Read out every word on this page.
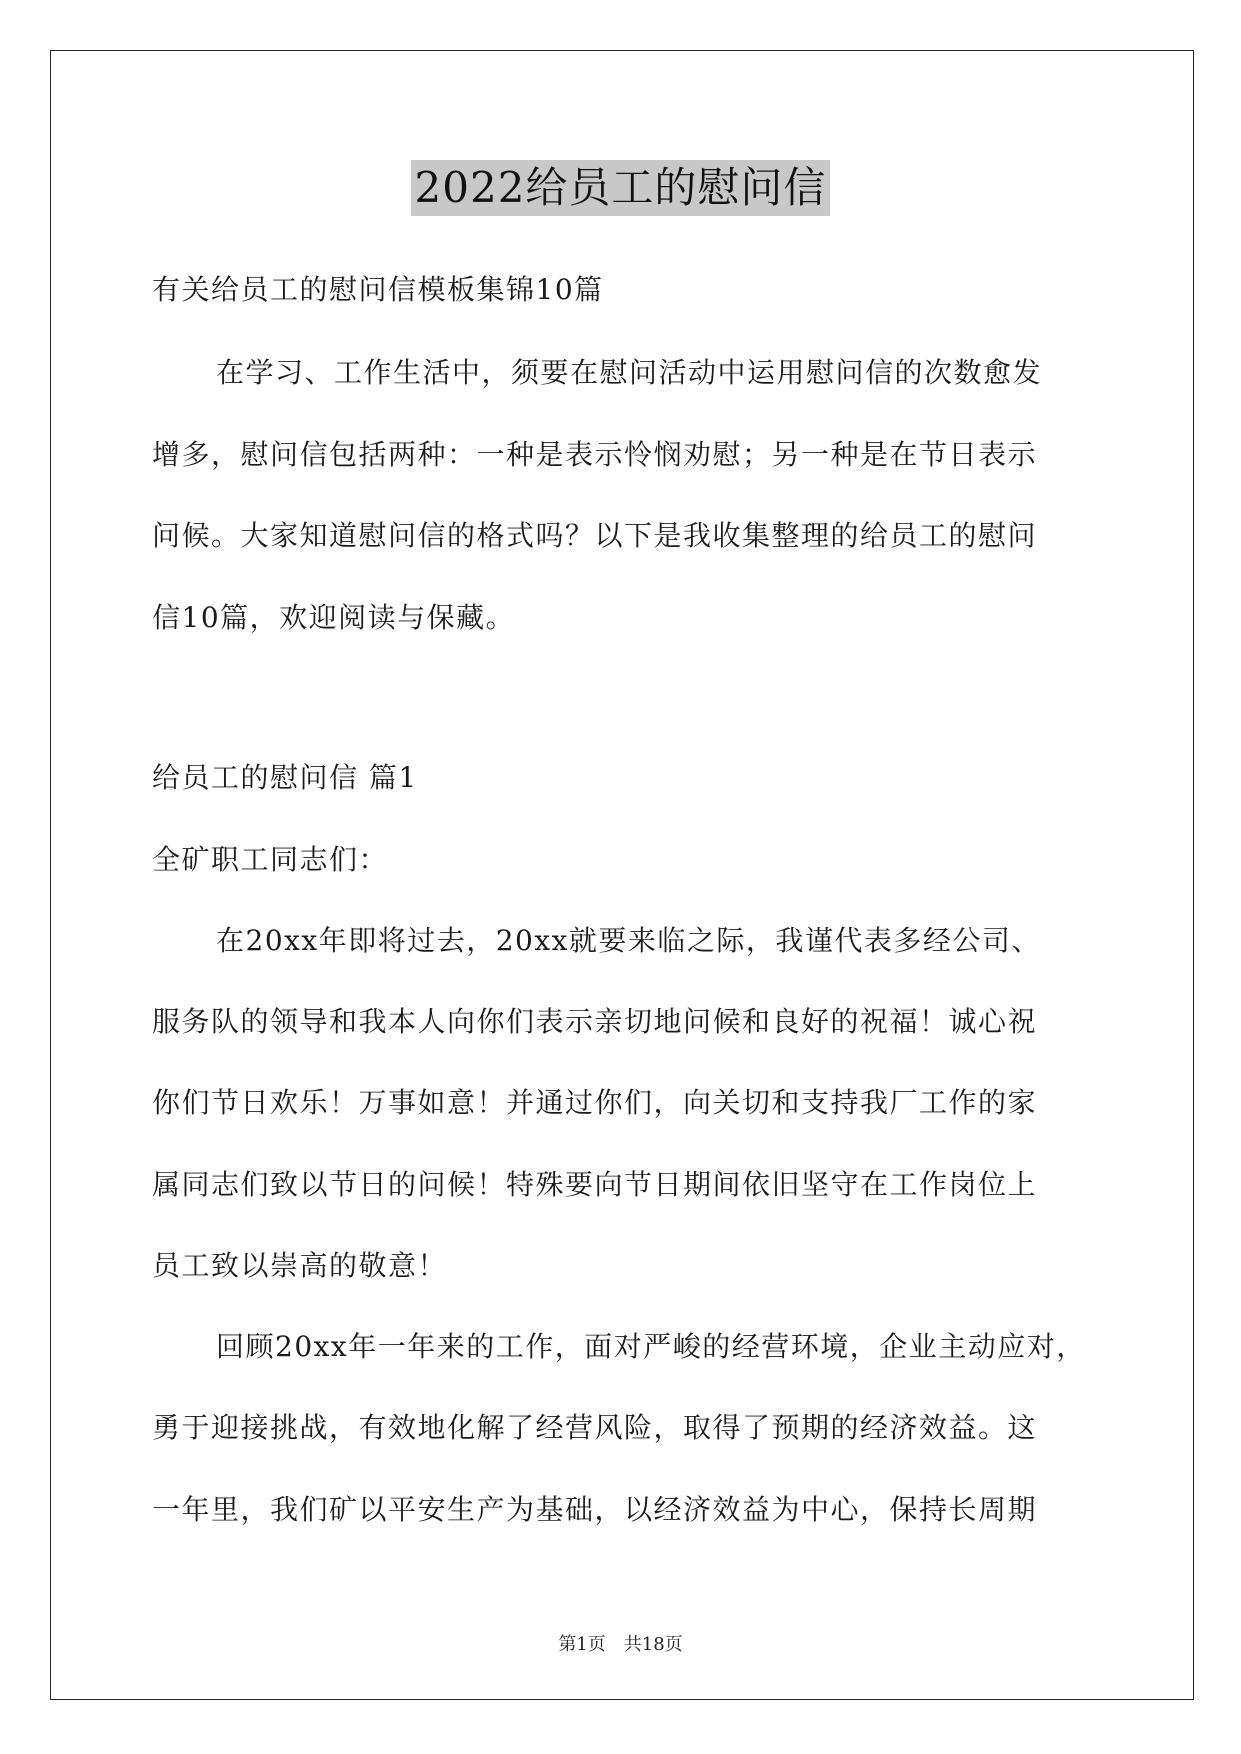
2022给员工的慰问信
有关给员工的慰问信模板集锦10篇
在学习、工作生活中，须要在慰问活动中运用慰问信的次数愈发
增多，慰问信包括两种：一种是表示怜悯劝慰；另一种是在节日表示
问候。大家知道慰问信的格式吗？以下是我收集整理的给员工的慰问
信10篇，欢迎阅读与保藏。
给员工的慰问信 篇1
全矿职工同志们：
在20xx年即将过去，20xx就要来临之际，我谨代表多经公司、
服务队的领导和我本人向你们表示亲切地问候和良好的祝福！诚心祝
你们节日欢乐！万事如意！并通过你们，向关切和支持我厂工作的家
属同志们致以节日的问候！特殊要向节日期间依旧坚守在工作岗位上
员工致以崇高的敬意！
回顾20xx年一年来的工作，面对严峻的经营环境，企业主动应对，
勇于迎接挑战，有效地化解了经营风险，取得了预期的经济效益。这
一年里，我们矿以平安生产为基础，以经济效益为中心，保持长周期
第1页 共18页
